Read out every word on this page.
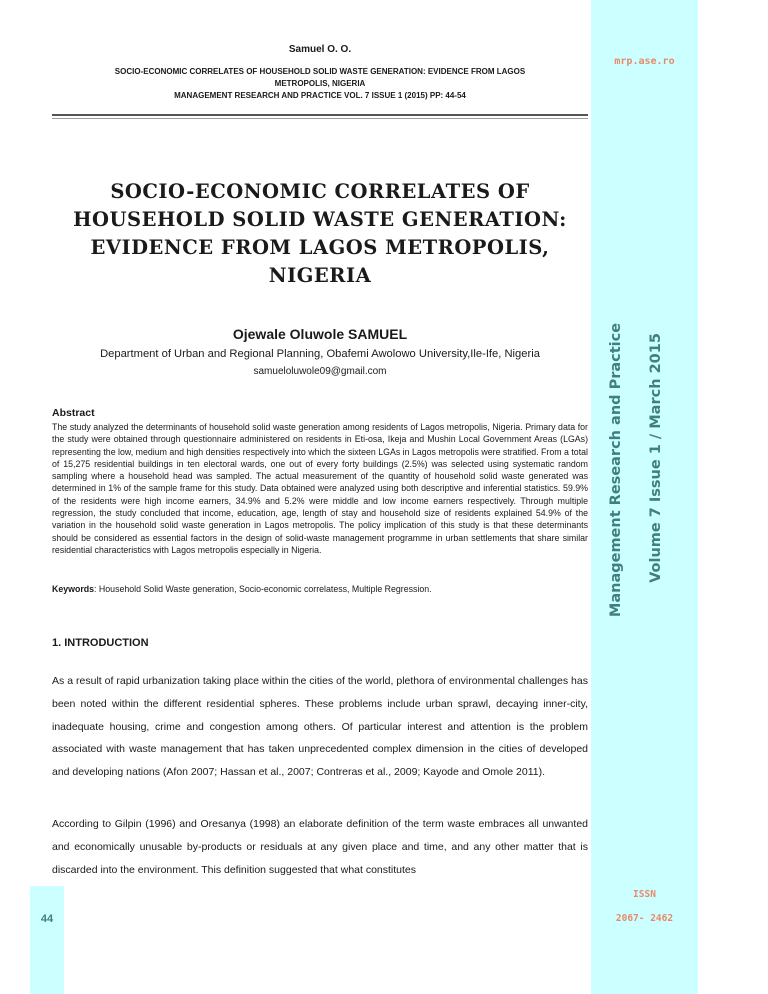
Samuel O. O.
SOCIO-ECONOMIC CORRELATES OF HOUSEHOLD SOLID WASTE GENERATION: EVIDENCE FROM LAGOS
METROPOLIS, NIGERIA
MANAGEMENT RESEARCH AND PRACTICE VOL. 7 ISSUE 1 (2015) PP: 44-54
SOCIO-ECONOMIC CORRELATES OF
HOUSEHOLD SOLID WASTE GENERATION:
EVIDENCE FROM LAGOS METROPOLIS,
NIGERIA
Ojewale Oluwole SAMUEL
Department of Urban and Regional Planning, Obafemi Awolowo University,Ile-Ife, Nigeria
samueloluwole09@gmail.com
Abstract
The study analyzed the determinants of household solid waste generation among residents of Lagos metropolis, Nigeria. Primary data for the study were obtained through questionnaire administered on residents in Eti-osa, Ikeja and Mushin Local Government Areas (LGAs) representing the low, medium and high densities respectively into which the sixteen LGAs in Lagos metropolis were stratified. From a total of 15,275 residential buildings in ten electoral wards, one out of every forty buildings (2.5%) was selected using systematic random sampling where a household head was sampled. The actual measurement of the quantity of household solid waste generated was determined in 1% of the sample frame for this study. Data obtained were analyzed using both descriptive and inferential statistics. 59.9% of the residents were high income earners, 34.9% and 5.2% were middle and low income earners respectively. Through multiple regression, the study concluded that income, education, age, length of stay and household size of residents explained 54.9% of the variation in the household solid waste generation in Lagos metropolis. The policy implication of this study is that these determinants should be considered as essential factors in the design of solid-waste management programme in urban settlements that share similar residential characteristics with Lagos metropolis especially in Nigeria.
Keywords: Household Solid Waste generation, Socio-economic correlatess, Multiple Regression.
1. INTRODUCTION
As a result of rapid urbanization taking place within the cities of the world, plethora of environmental challenges has been noted within the different residential spheres. These problems include urban sprawl, decaying inner-city, inadequate housing, crime and congestion among others. Of particular interest and attention is the problem associated with waste management that has taken unprecedented complex dimension in the cities of developed and developing nations (Afon 2007; Hassan et al., 2007; Contreras et al., 2009; Kayode and Omole 2011).
According to Gilpin (1996) and Oresanya (1998) an elaborate definition of the term waste embraces all unwanted and economically unusable by-products or residuals at any given place and time, and any other matter that is discarded into the environment. This definition suggested that what constitutes
mrp.ase.ro
Management Research and Practice Volume 7 Issue 1 / March 2015
ISSN
2067- 2462
44
